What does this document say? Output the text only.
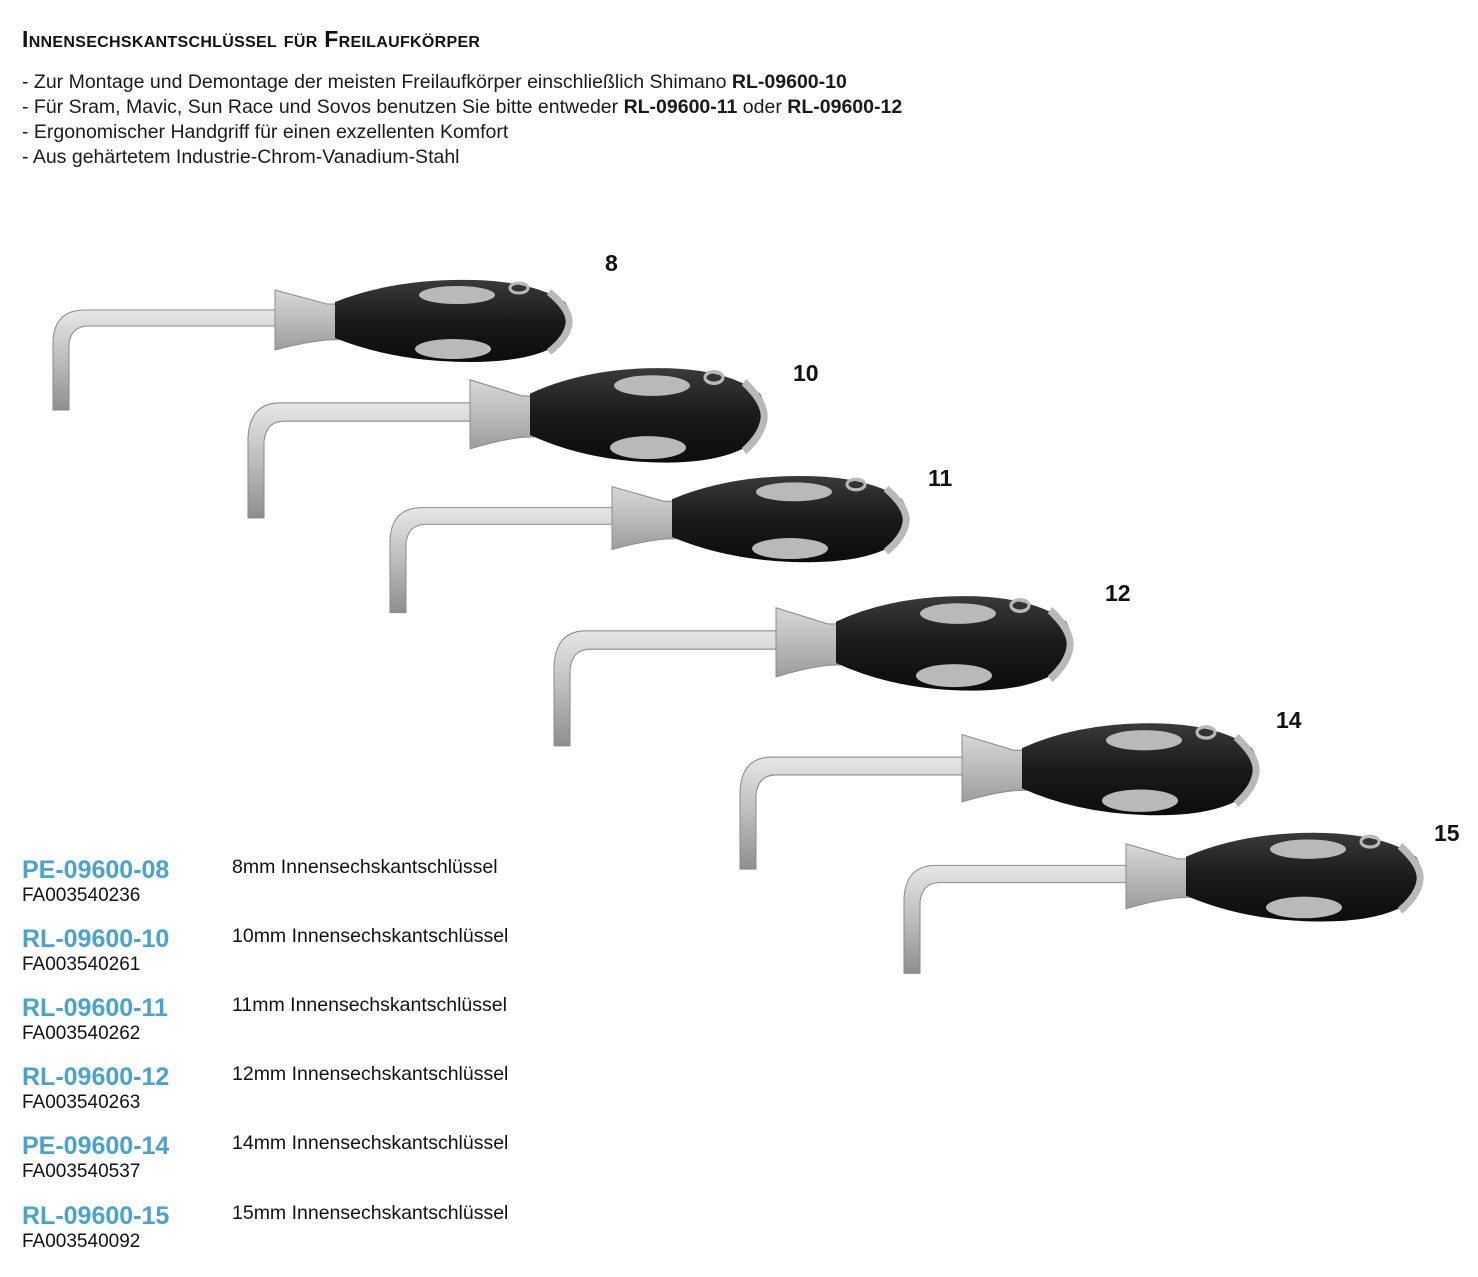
Innensechskantschlüssel für Freilaufkörper
- Zur Montage und Demontage der meisten Freilaufkörper einschließlich Shimano RL-09600-10
- Für Sram, Mavic, Sun Race und Sovos benutzen Sie bitte entweder RL-09600-11 oder RL-09600-12
- Ergonomischer Handgriff für einen exzellenten Komfort
- Aus gehärtetem Industrie-Chrom-Vanadium-Stahl
8
10
11
12
14
15
PE-09600-08
FA003540236
8mm Innensechskantschlüssel
RL-09600-10
FA003540261
10mm Innensechskantschlüssel
RL-09600-11
FA003540262
11mm Innensechskantschlüssel
RL-09600-12
FA003540263
12mm Innensechskantschlüssel
PE-09600-14
FA003540537
14mm Innensechskantschlüssel
RL-09600-15
FA003540092
15mm Innensechskantschlüssel
